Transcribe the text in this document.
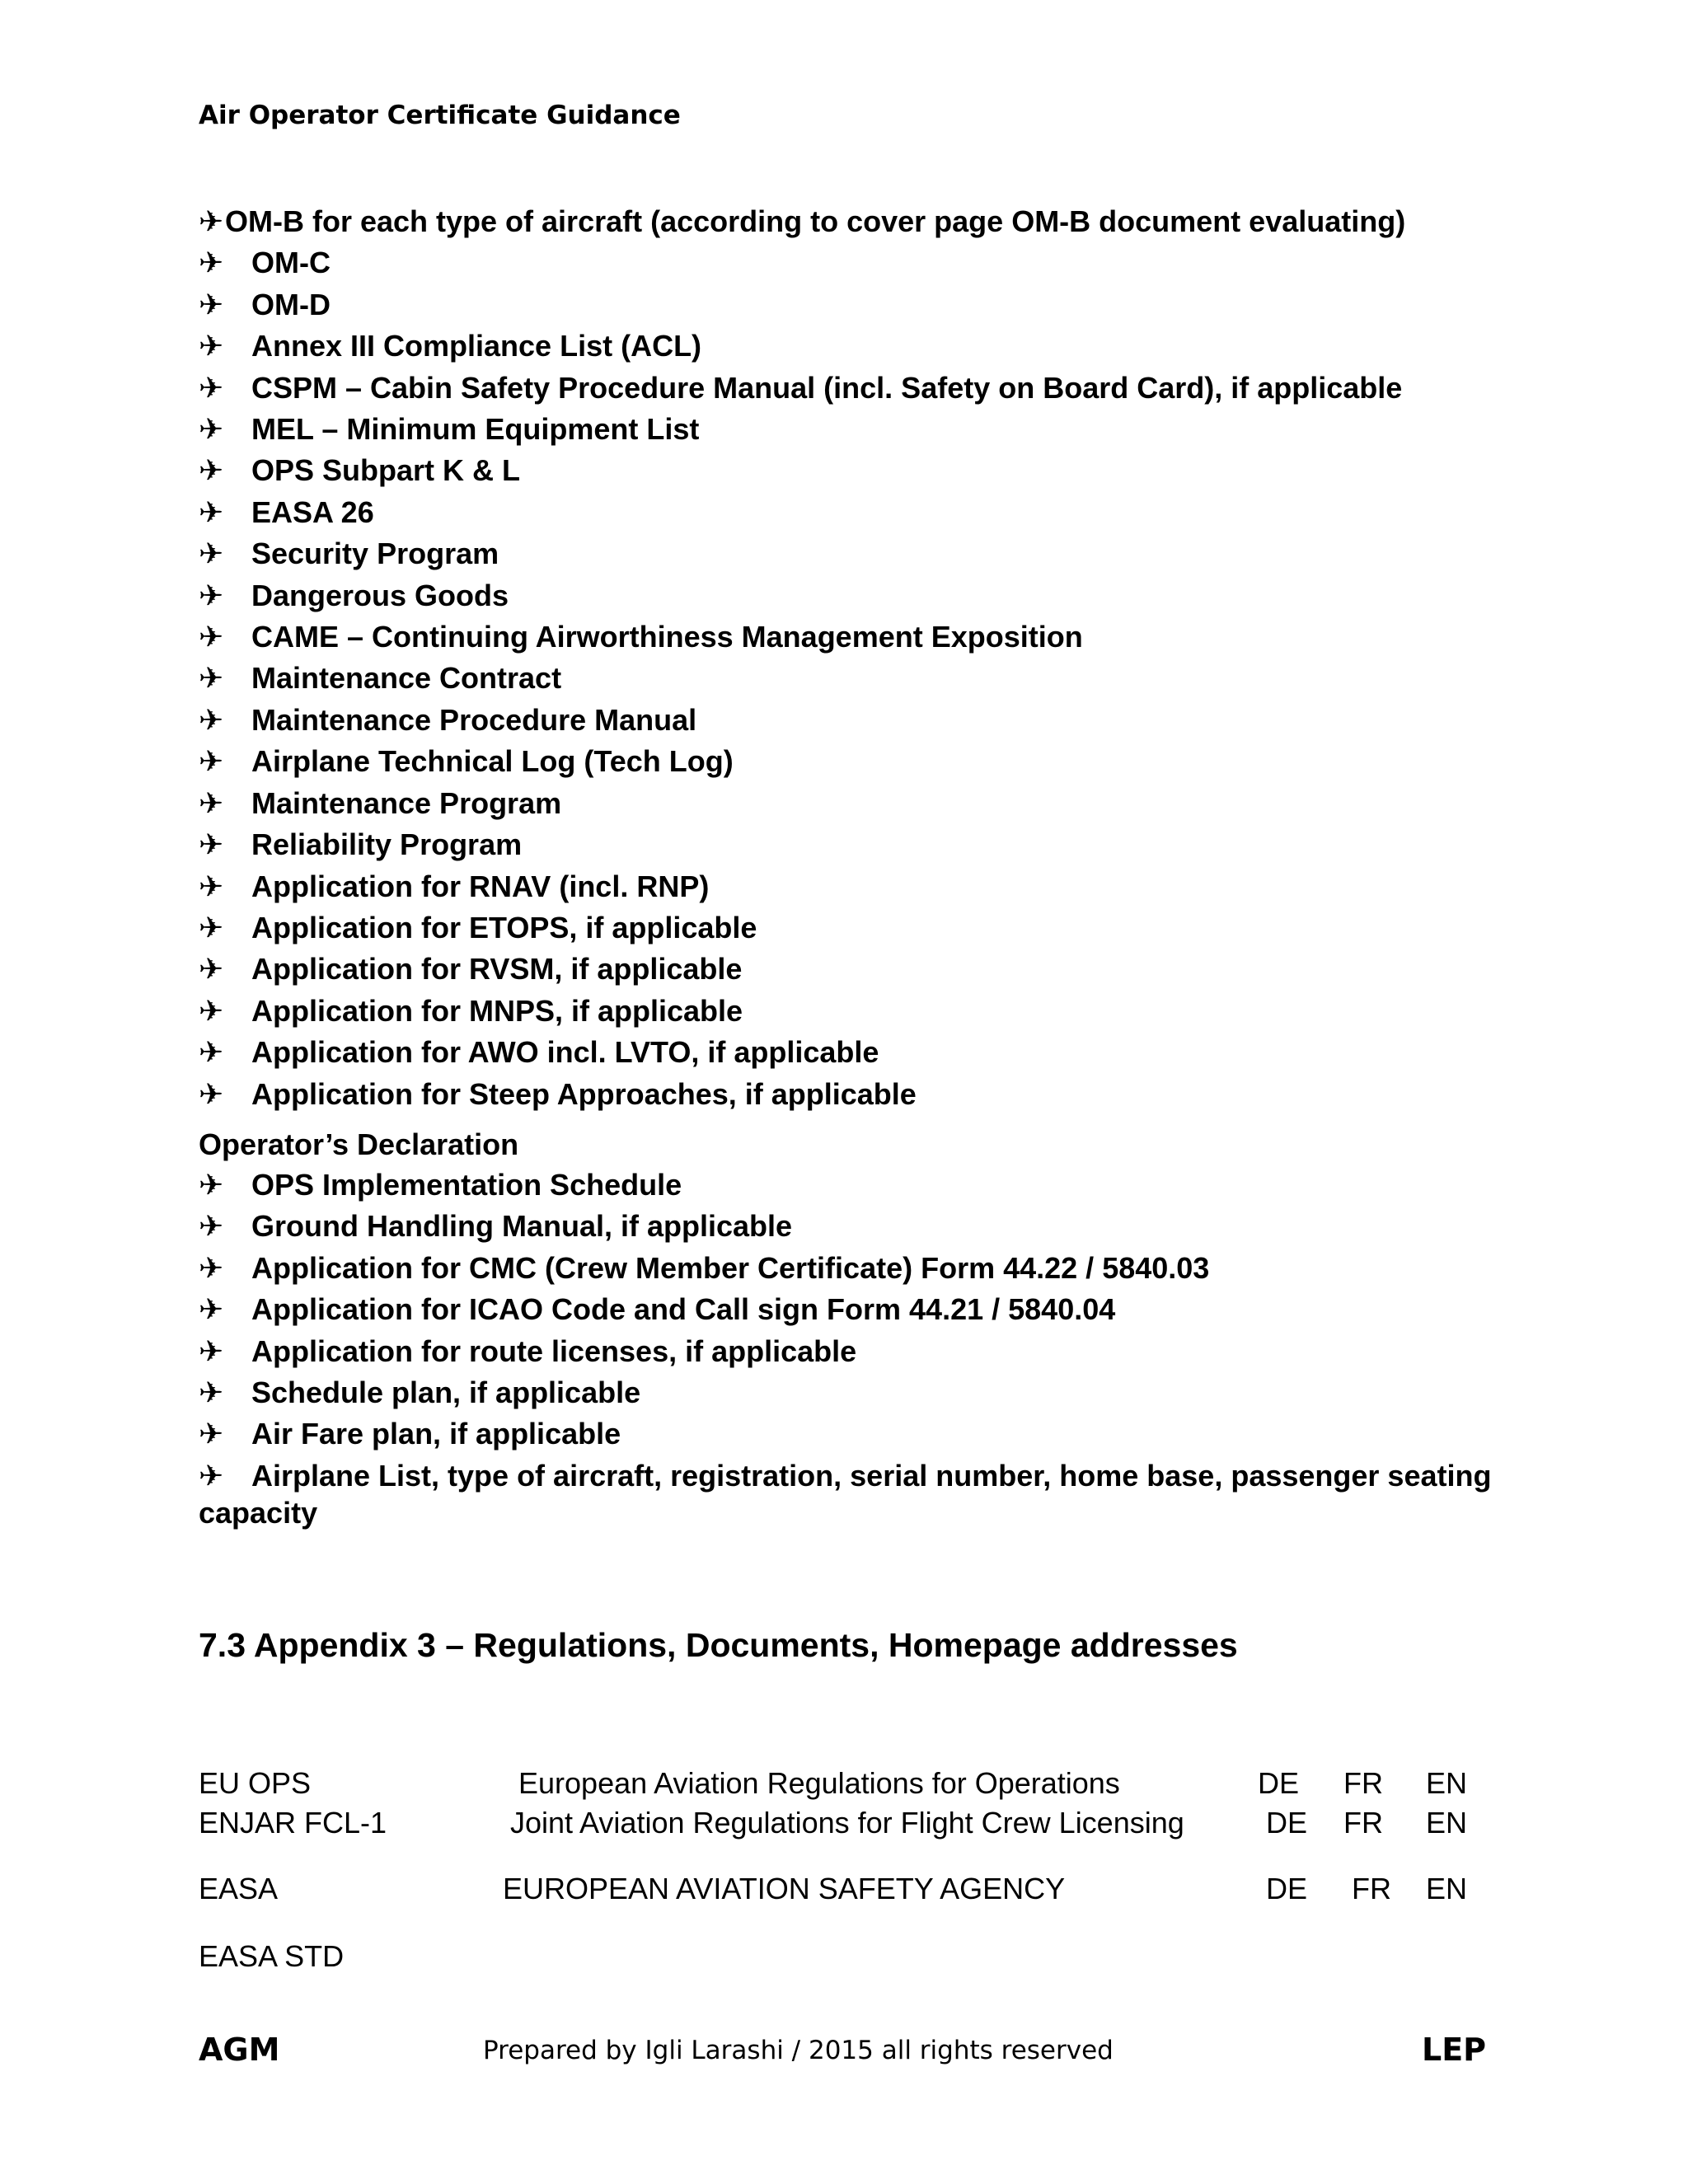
Air Operator Certificate Guidance
✈OM-B for each type of aircraft (according to cover page OM-B document evaluating)
✈ OM-C
✈ OM-D
✈ Annex III Compliance List (ACL)
✈ CSPM – Cabin Safety Procedure Manual (incl. Safety on Board Card), if applicable
✈ MEL – Minimum Equipment List
✈ OPS Subpart K & L
✈ EASA 26
✈ Security Program
✈ Dangerous Goods
✈ CAME – Continuing Airworthiness Management Exposition
✈ Maintenance Contract
✈ Maintenance Procedure Manual
✈ Airplane Technical Log (Tech Log)
✈ Maintenance Program
✈ Reliability Program
✈ Application for RNAV (incl. RNP)
✈ Application for ETOPS, if applicable
✈ Application for RVSM, if applicable
✈ Application for MNPS, if applicable
✈ Application for AWO incl. LVTO, if applicable
✈ Application for Steep Approaches, if applicable
Operator’s Declaration
✈ OPS Implementation Schedule
✈ Ground Handling Manual, if applicable
✈ Application for CMC (Crew Member Certificate) Form 44.22 / 5840.03
✈ Application for ICAO Code and Call sign Form 44.21 / 5840.04
✈ Application for route licenses, if applicable
✈ Schedule plan, if applicable
✈ Air Fare plan, if applicable
✈ Airplane List, type of aircraft, registration, serial number, home base, passenger seating capacity
7.3 Appendix 3 – Regulations, Documents, Homepage addresses
EU OPS	European Aviation Regulations for Operations	DE FR EN
ENJAR FCL-1	Joint Aviation Regulations for Flight Crew Licensing	DE FR EN
EASA	EUROPEAN AVIATION SAFETY AGENCY	DE FR EN
EASA STD
AGM	Prepared by Igli Larashi / 2015 all rights reserved	LEP
